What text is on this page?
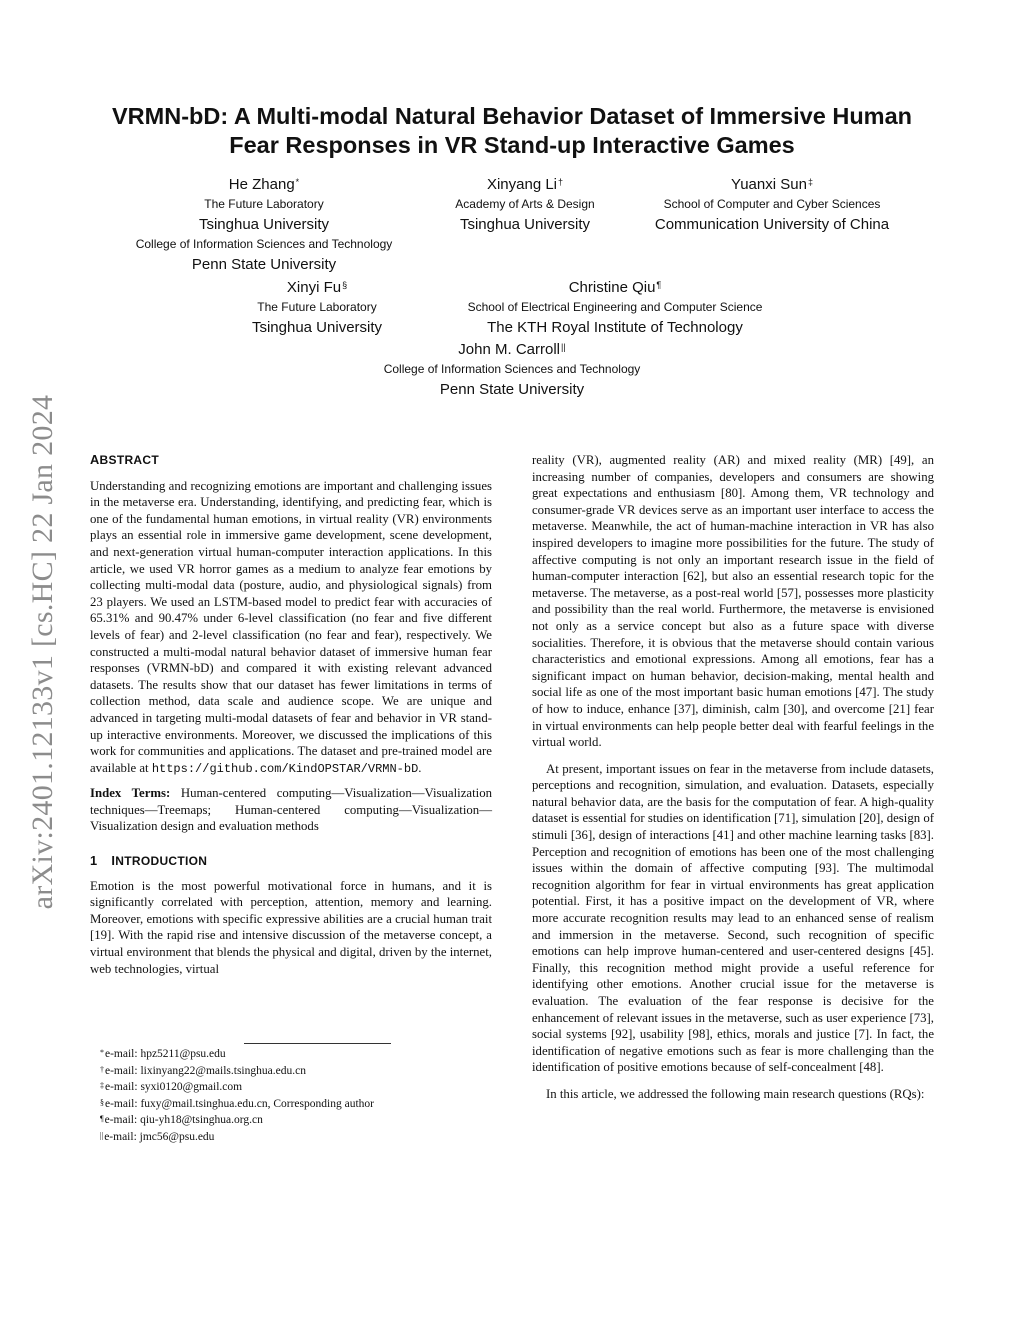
arXiv:2401.12133v1 [cs.HC] 22 Jan 2024
VRMN-bD: A Multi-modal Natural Behavior Dataset of Immersive Human
Fear Responses in VR Stand-up Interactive Games
He Zhang*
The Future Laboratory
Tsinghua University
College of Information Sciences and Technology
Penn State University
Xinyang Li†
Academy of Arts & Design
Tsinghua University
Yuanxi Sun‡
School of Computer and Cyber Sciences
Communication University of China
Xinyi Fu§
The Future Laboratory
Tsinghua University
Christine Qiu¶
School of Electrical Engineering and Computer Science
The KTH Royal Institute of Technology
John M. Carroll||
College of Information Sciences and Technology
Penn State University
ABSTRACT

Understanding and recognizing emotions are important and challenging issues in the metaverse era. Understanding, identifying, and predicting fear, which is one of the fundamental human emotions, in virtual reality (VR) environments plays an essential role in immersive game development, scene development, and next-generation virtual human-computer interaction applications. In this article, we used VR horror games as a medium to analyze fear emotions by collecting multi-modal data (posture, audio, and physiological signals) from 23 players. We used an LSTM-based model to predict fear with accuracies of 65.31% and 90.47% under 6-level classification (no fear and five different levels of fear) and 2-level classification (no fear and fear), respectively. We constructed a multi-modal natural behavior dataset of immersive human fear responses (VRMN-bD) and compared it with existing relevant advanced datasets. The results show that our dataset has fewer limitations in terms of collection method, data scale and audience scope. We are unique and advanced in targeting multi-modal datasets of fear and behavior in VR stand-up interactive environments. Moreover, we discussed the implications of this work for communities and applications. The dataset and pre-trained model are available at https://github.com/KindOPSTAR/VRMN-bD.

Index Terms: Human-centered computing—Visualization—Visualization techniques—Treemaps; Human-centered computing—Visualization—Visualization design and evaluation methods

1 INTRODUCTION

Emotion is the most powerful motivational force in humans, and it is significantly correlated with perception, attention, memory and learning. Moreover, emotions with specific expressive abilities are a crucial human trait [19]. With the rapid rise and intensive discussion of the metaverse concept, a virtual environment that blends the physical and digital, driven by the internet, web technologies, virtual

*e-mail: hpz5211@psu.edu
†e-mail: lixinyang22@mails.tsinghua.edu.cn
‡e-mail: syxi0120@gmail.com
§e-mail: fuxy@mail.tsinghua.edu.cn, Corresponding author
¶e-mail: qiu-yh18@tsinghua.org.cn
||e-mail: jmc56@psu.edu

reality (VR), augmented reality (AR) and mixed reality (MR) [49], an increasing number of companies, developers and consumers are showing great expectations and enthusiasm [80]. Among them, VR technology and consumer-grade VR devices serve as an important user interface to access the metaverse. Meanwhile, the act of human-machine interaction in VR has also inspired developers to imagine more possibilities for the future. The study of affective computing is not only an important research issue in the field of human-computer interaction [62], but also an essential research topic for the metaverse. The metaverse, as a post-real world [57], possesses more plasticity and possibility than the real world. Furthermore, the metaverse is envisioned not only as a service concept but also as a future space with diverse socialities. Therefore, it is obvious that the metaverse should contain various characteristics and emotional expressions. Among all emotions, fear has a significant impact on human behavior, decision-making, mental health and social life as one of the most important basic human emotions [47]. The study of how to induce, enhance [37], diminish, calm [30], and overcome [21] fear in virtual environments can help people better deal with fearful feelings in the virtual world.

At present, important issues on fear in the metaverse from include datasets, perceptions and recognition, simulation, and evaluation. Datasets, especially natural behavior data, are the basis for the computation of fear. A high-quality dataset is essential for studies on identification [71], simulation [20], design of stimuli [36], design of interactions [41] and other machine learning tasks [83]. Perception and recognition of emotions has been one of the most challenging issues within the domain of affective computing [93]. The multimodal recognition algorithm for fear in virtual environments has great application potential. First, it has a positive impact on the development of VR, where more accurate recognition results may lead to an enhanced sense of realism and immersion in the metaverse. Second, such recognition of specific emotions can help improve human-centered and user-centered designs [45]. Finally, this recognition method might provide a useful reference for identifying other emotions. Another crucial issue for the metaverse is evaluation. The evaluation of the fear response is decisive for the enhancement of relevant issues in the metaverse, such as user experience [73], social systems [92], usability [98], ethics, morals and justice [7]. In fact, the identification of negative emotions such as fear is more challenging than the identification of positive emotions because of self-concealment [48].

In this article, we addressed the following main research questions (RQs):
